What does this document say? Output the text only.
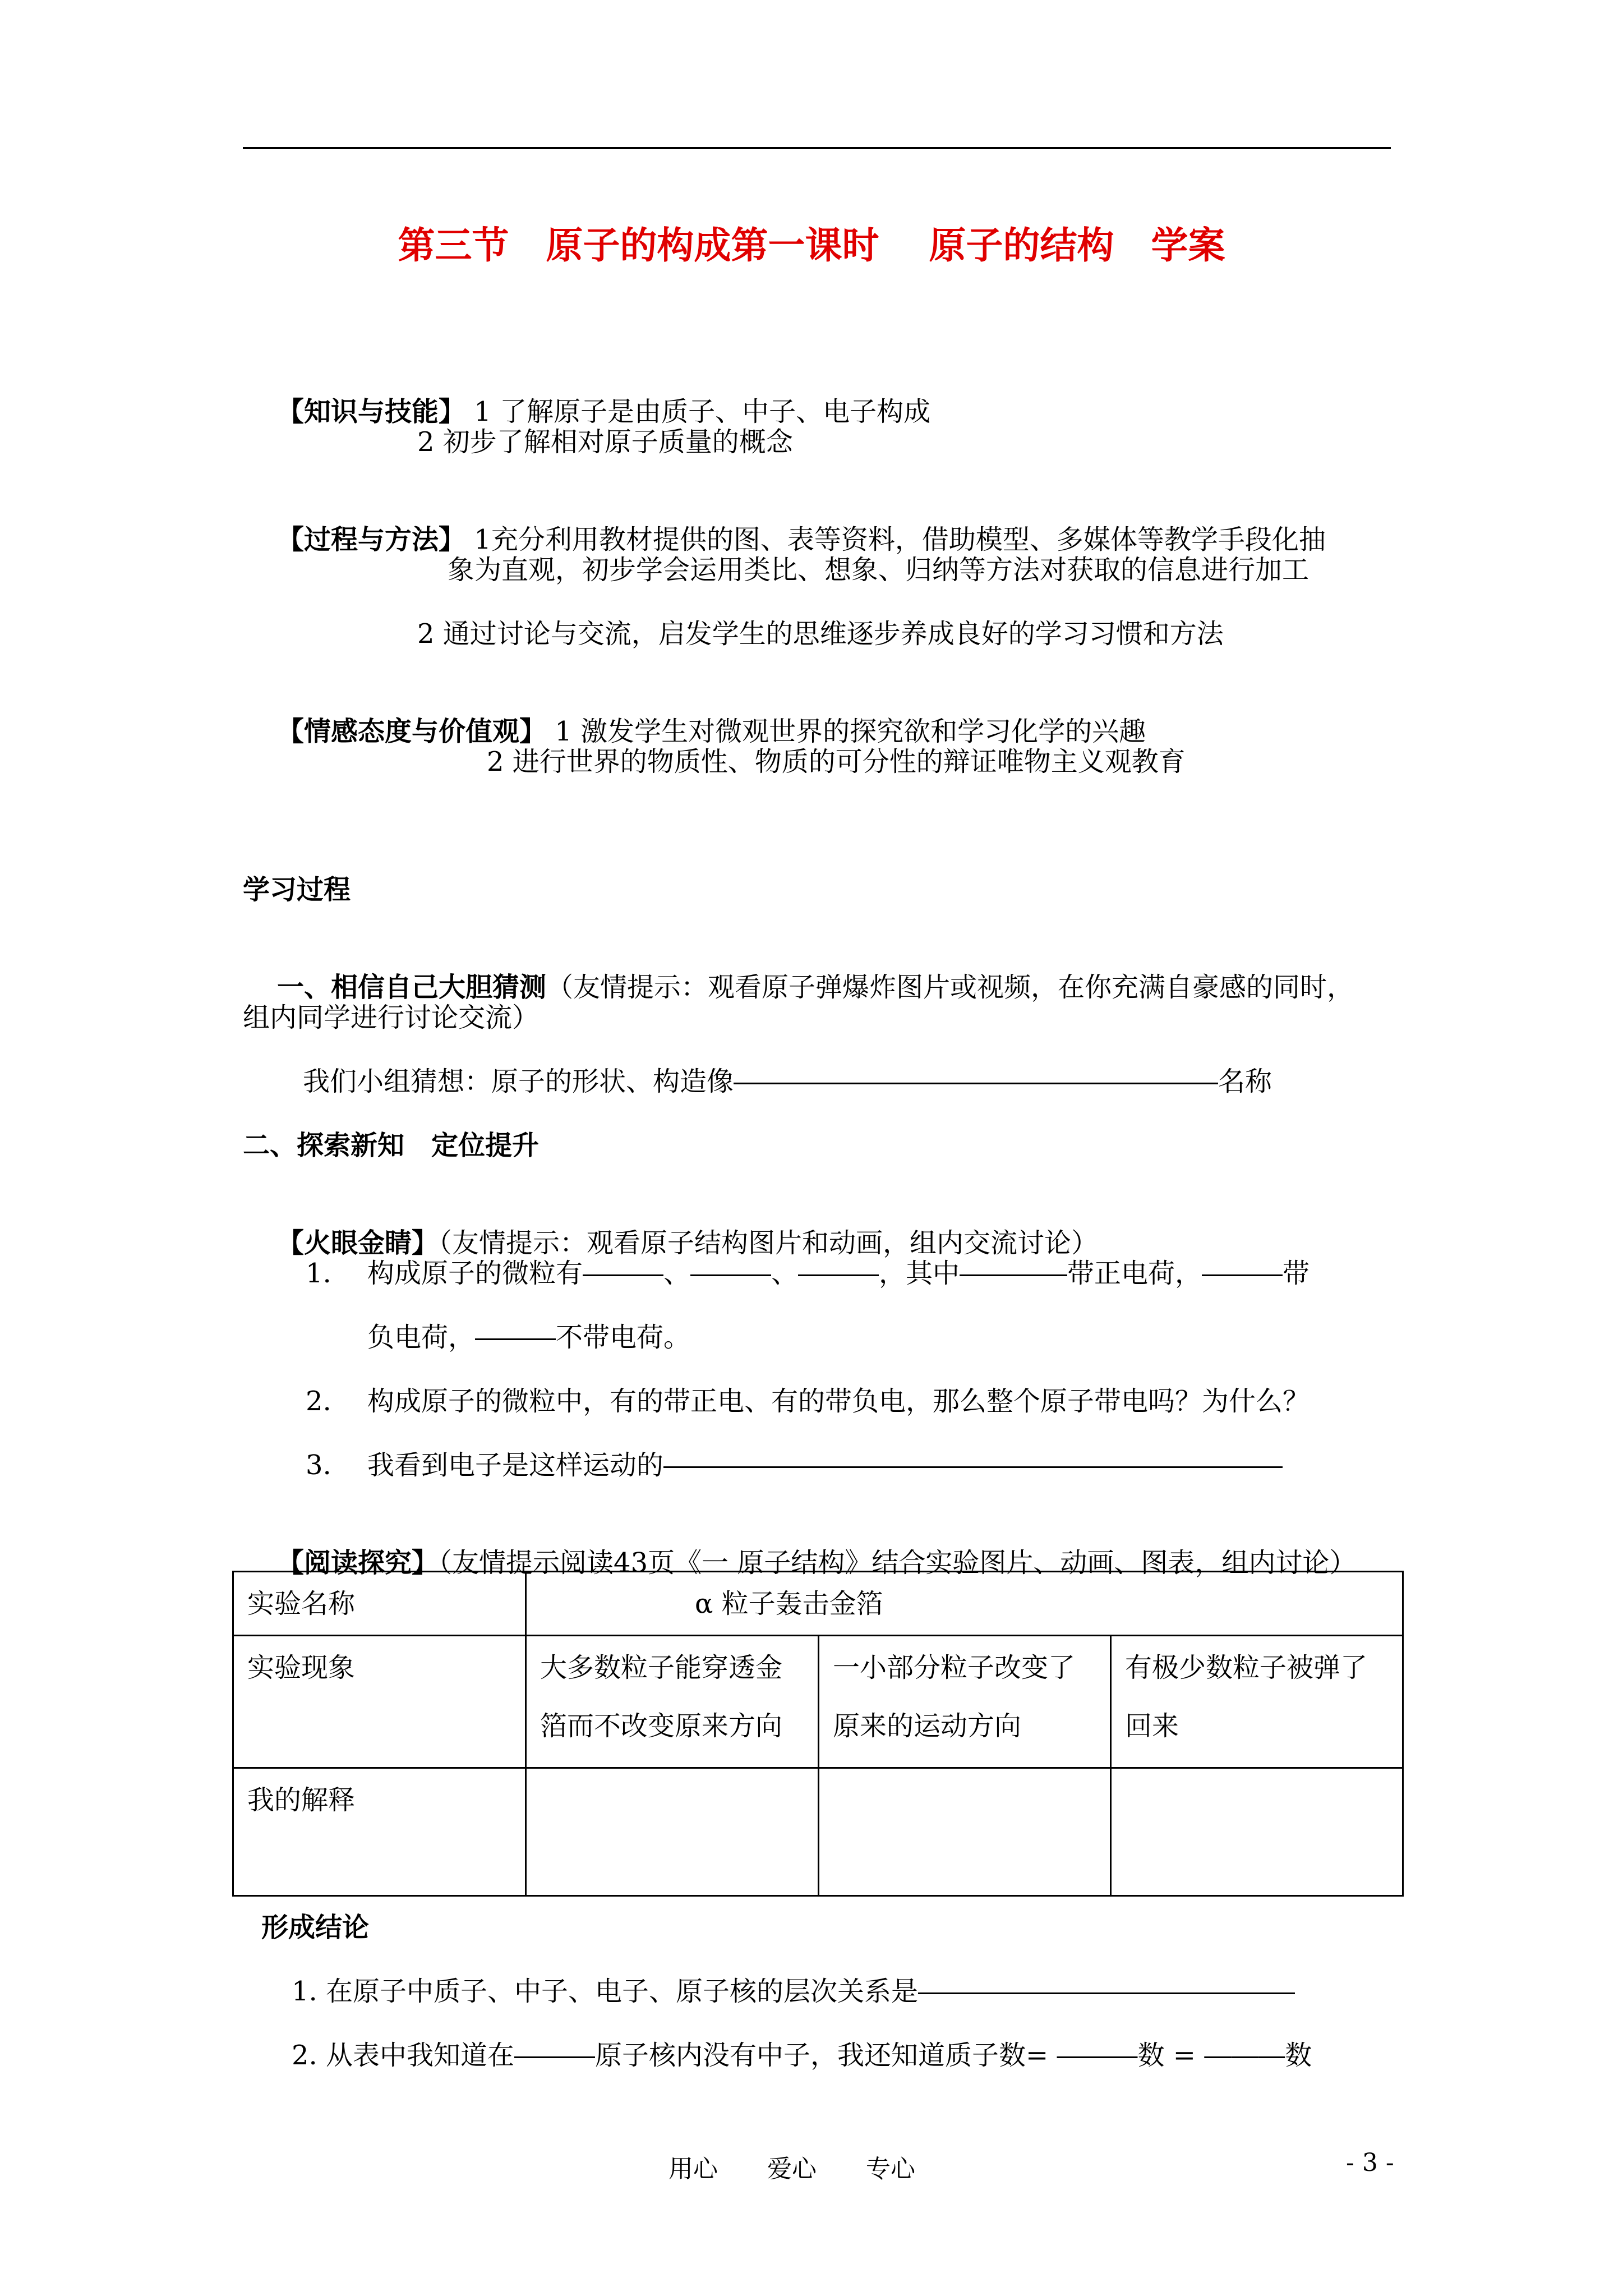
第三节　原子的构成第一课时　 原子的结构　学案

【知识与技能】 1 了解原子是由质子、中子、电子构成

2 初步了解相对原子质量的概念

【过程与方法】 1充分利用教材提供的图、表等资料，借助模型、多媒体等教学手段化抽

象为直观，初步学会运用类比、想象、归纳等方法对获取的信息进行加工
2 通过讨论与交流，启发学生的思维逐步养成良好的学习习惯和方法

【情感态度与价值观】 1 激发学生对微观世界的探究欲和学习化学的兴趣

2 进行世界的物质性、物质的可分性的辩证唯物主义观教育
学习过程

一、相信自己大胆猜测（友情提示：观看原子弹爆炸图片或视频，在你充满自豪感的同时，

组内同学进行讨论交流）
我们小组猜想：原子的形状、构造像――――――――――――――――――名称
二、探索新知　定位提升

【火眼金睛】（友情提示：观看原子结构图片和动画，组内交流讨论）

1. 构成原子的微粒有―――、―――、―――，其中――――带正电荷，―――带
负电荷，―――不带电荷。
2. 构成原子的微粒中，有的带正电、有的带负电，那么整个原子带电吗？为什么？
3. 我看到电子是这样运动的―――――――――――――――――――――――

【阅读探究】（友情提示阅读43页《一 原子结构》结合实验图片、动画、图表，组内讨论）

实验名称	α 粒子轰击金箔		
实验现象	大多数粒子能穿透金箔而不改变原来方向	一小部分粒子改变了原来的运动方向	有极少数粒子被弹了回来
我的解释			
形成结论
1. 在原子中质子、中子、电子、原子核的层次关系是――――――――――――――
2. 从表中我知道在―――原子核内没有中子，我还知道质子数= ―――数 = ―――数
用心　　爱心　　专心	- 3 -
